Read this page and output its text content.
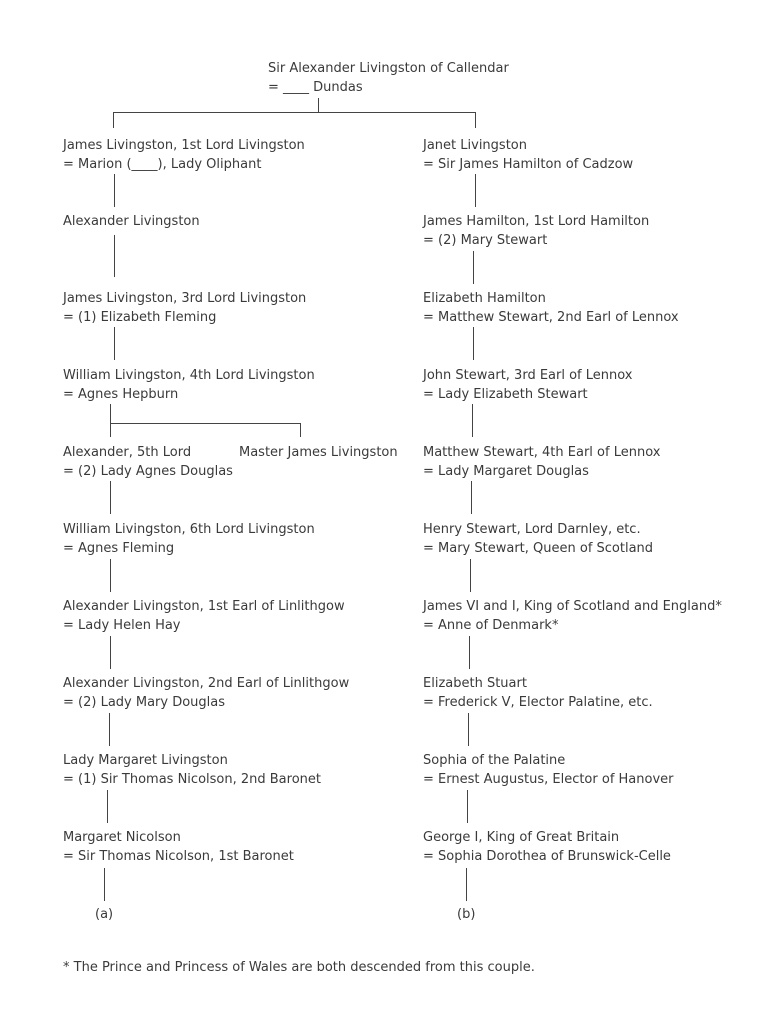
Sir Alexander Livingston of Callendar
= ____ Dundas
James Livingston, 1st Lord Livingston
= Marion (____), Lady Oliphant
Alexander Livingston
James Livingston, 3rd Lord Livingston
= (1) Elizabeth Fleming
William Livingston, 4th Lord Livingston
= Agnes Hepburn
Alexander, 5th Lord	Master James Livingston
= (2) Lady Agnes Douglas
William Livingston, 6th Lord Livingston
= Agnes Fleming
Alexander Livingston, 1st Earl of Linlithgow
= Lady Helen Hay
Alexander Livingston, 2nd Earl of Linlithgow
= (2) Lady Mary Douglas
Lady Margaret Livingston
= (1) Sir Thomas Nicolson, 2nd Baronet
Margaret Nicolson
= Sir Thomas Nicolson, 1st Baronet
(a)
Janet Livingston
= Sir James Hamilton of Cadzow
James Hamilton, 1st Lord Hamilton
= (2) Mary Stewart
Elizabeth Hamilton
= Matthew Stewart, 2nd Earl of Lennox
John Stewart, 3rd Earl of Lennox
= Lady Elizabeth Stewart
Matthew Stewart, 4th Earl of Lennox
= Lady Margaret Douglas
Henry Stewart, Lord Darnley, etc.
= Mary Stewart, Queen of Scotland
James VI and I, King of Scotland and England*
= Anne of Denmark*
Elizabeth Stuart
= Frederick V, Elector Palatine, etc.
Sophia of the Palatine
= Ernest Augustus, Elector of Hanover
George I, King of Great Britain
= Sophia Dorothea of Brunswick-Celle
(b)
* The Prince and Princess of Wales are both descended from this couple.
